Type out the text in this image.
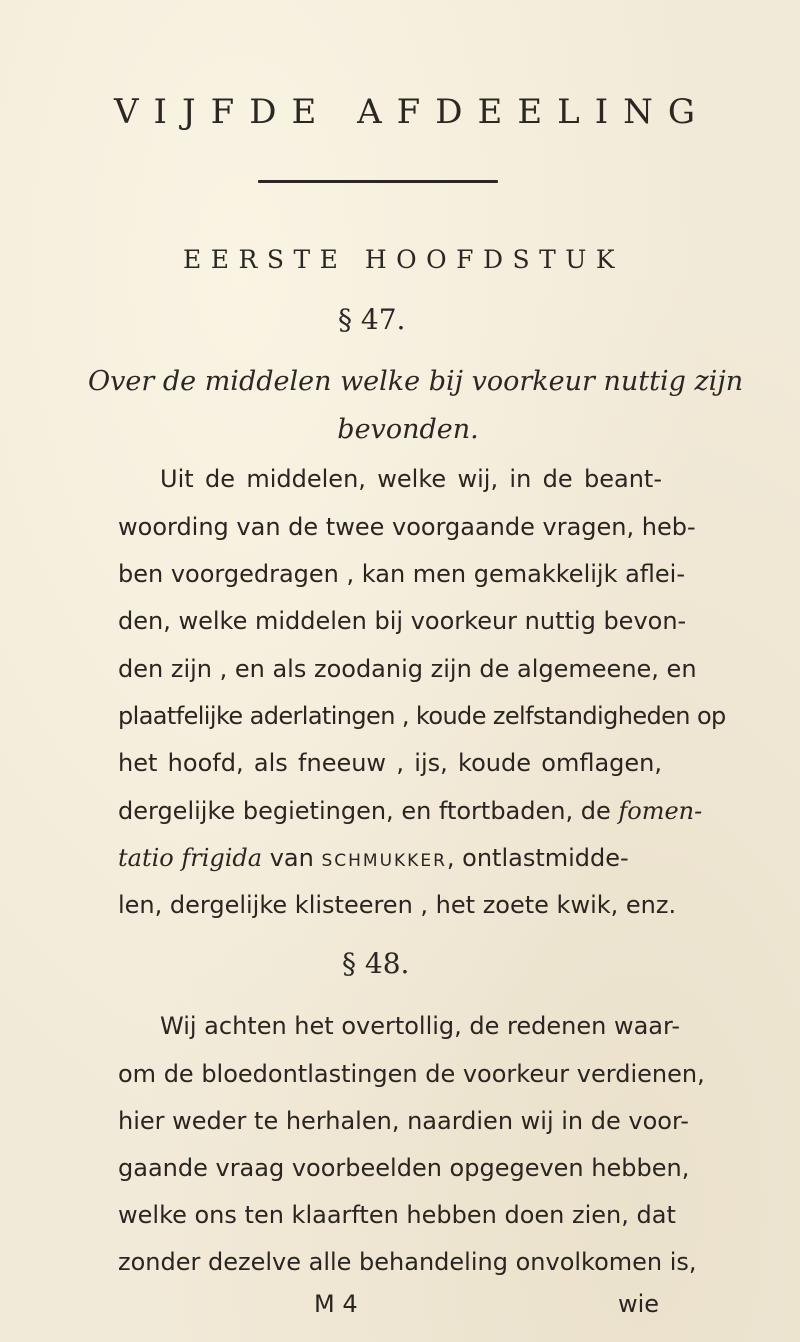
VIJFDE AFDEELING
EERSTE HOOFDSTUK
§ 47.
Over de middelen welke bij voorkeur nuttig zijn
bevonden.
Uit de middelen, welke wij, in de beant-
woording van de twee voorgaande vragen, heb-
ben voorgedragen , kan men gemakkelijk aflei-
den, welke middelen bij voorkeur nuttig bevon-
den zijn , en als zoodanig zijn de algemeene, en
plaatfelijke aderlatingen , koude zelfstandigheden op
het hoofd, als fneeuw , ijs, koude omflagen,
dergelijke begietingen, en ftortbaden, de fomen-
tatio frigida van schmukker, ontlastmidde-
len, dergelijke klisteeren , het zoete kwik, enz.
§ 48.
Wij achten het overtollig, de redenen waar-
om de bloedontlastingen de voorkeur verdienen,
hier weder te herhalen, naardien wij in de voor-
gaande vraag voorbeelden opgegeven hebben,
welke ons ten klaarften hebben doen zien, dat
zonder dezelve alle behandeling onvolkomen is,
M 4	wie
